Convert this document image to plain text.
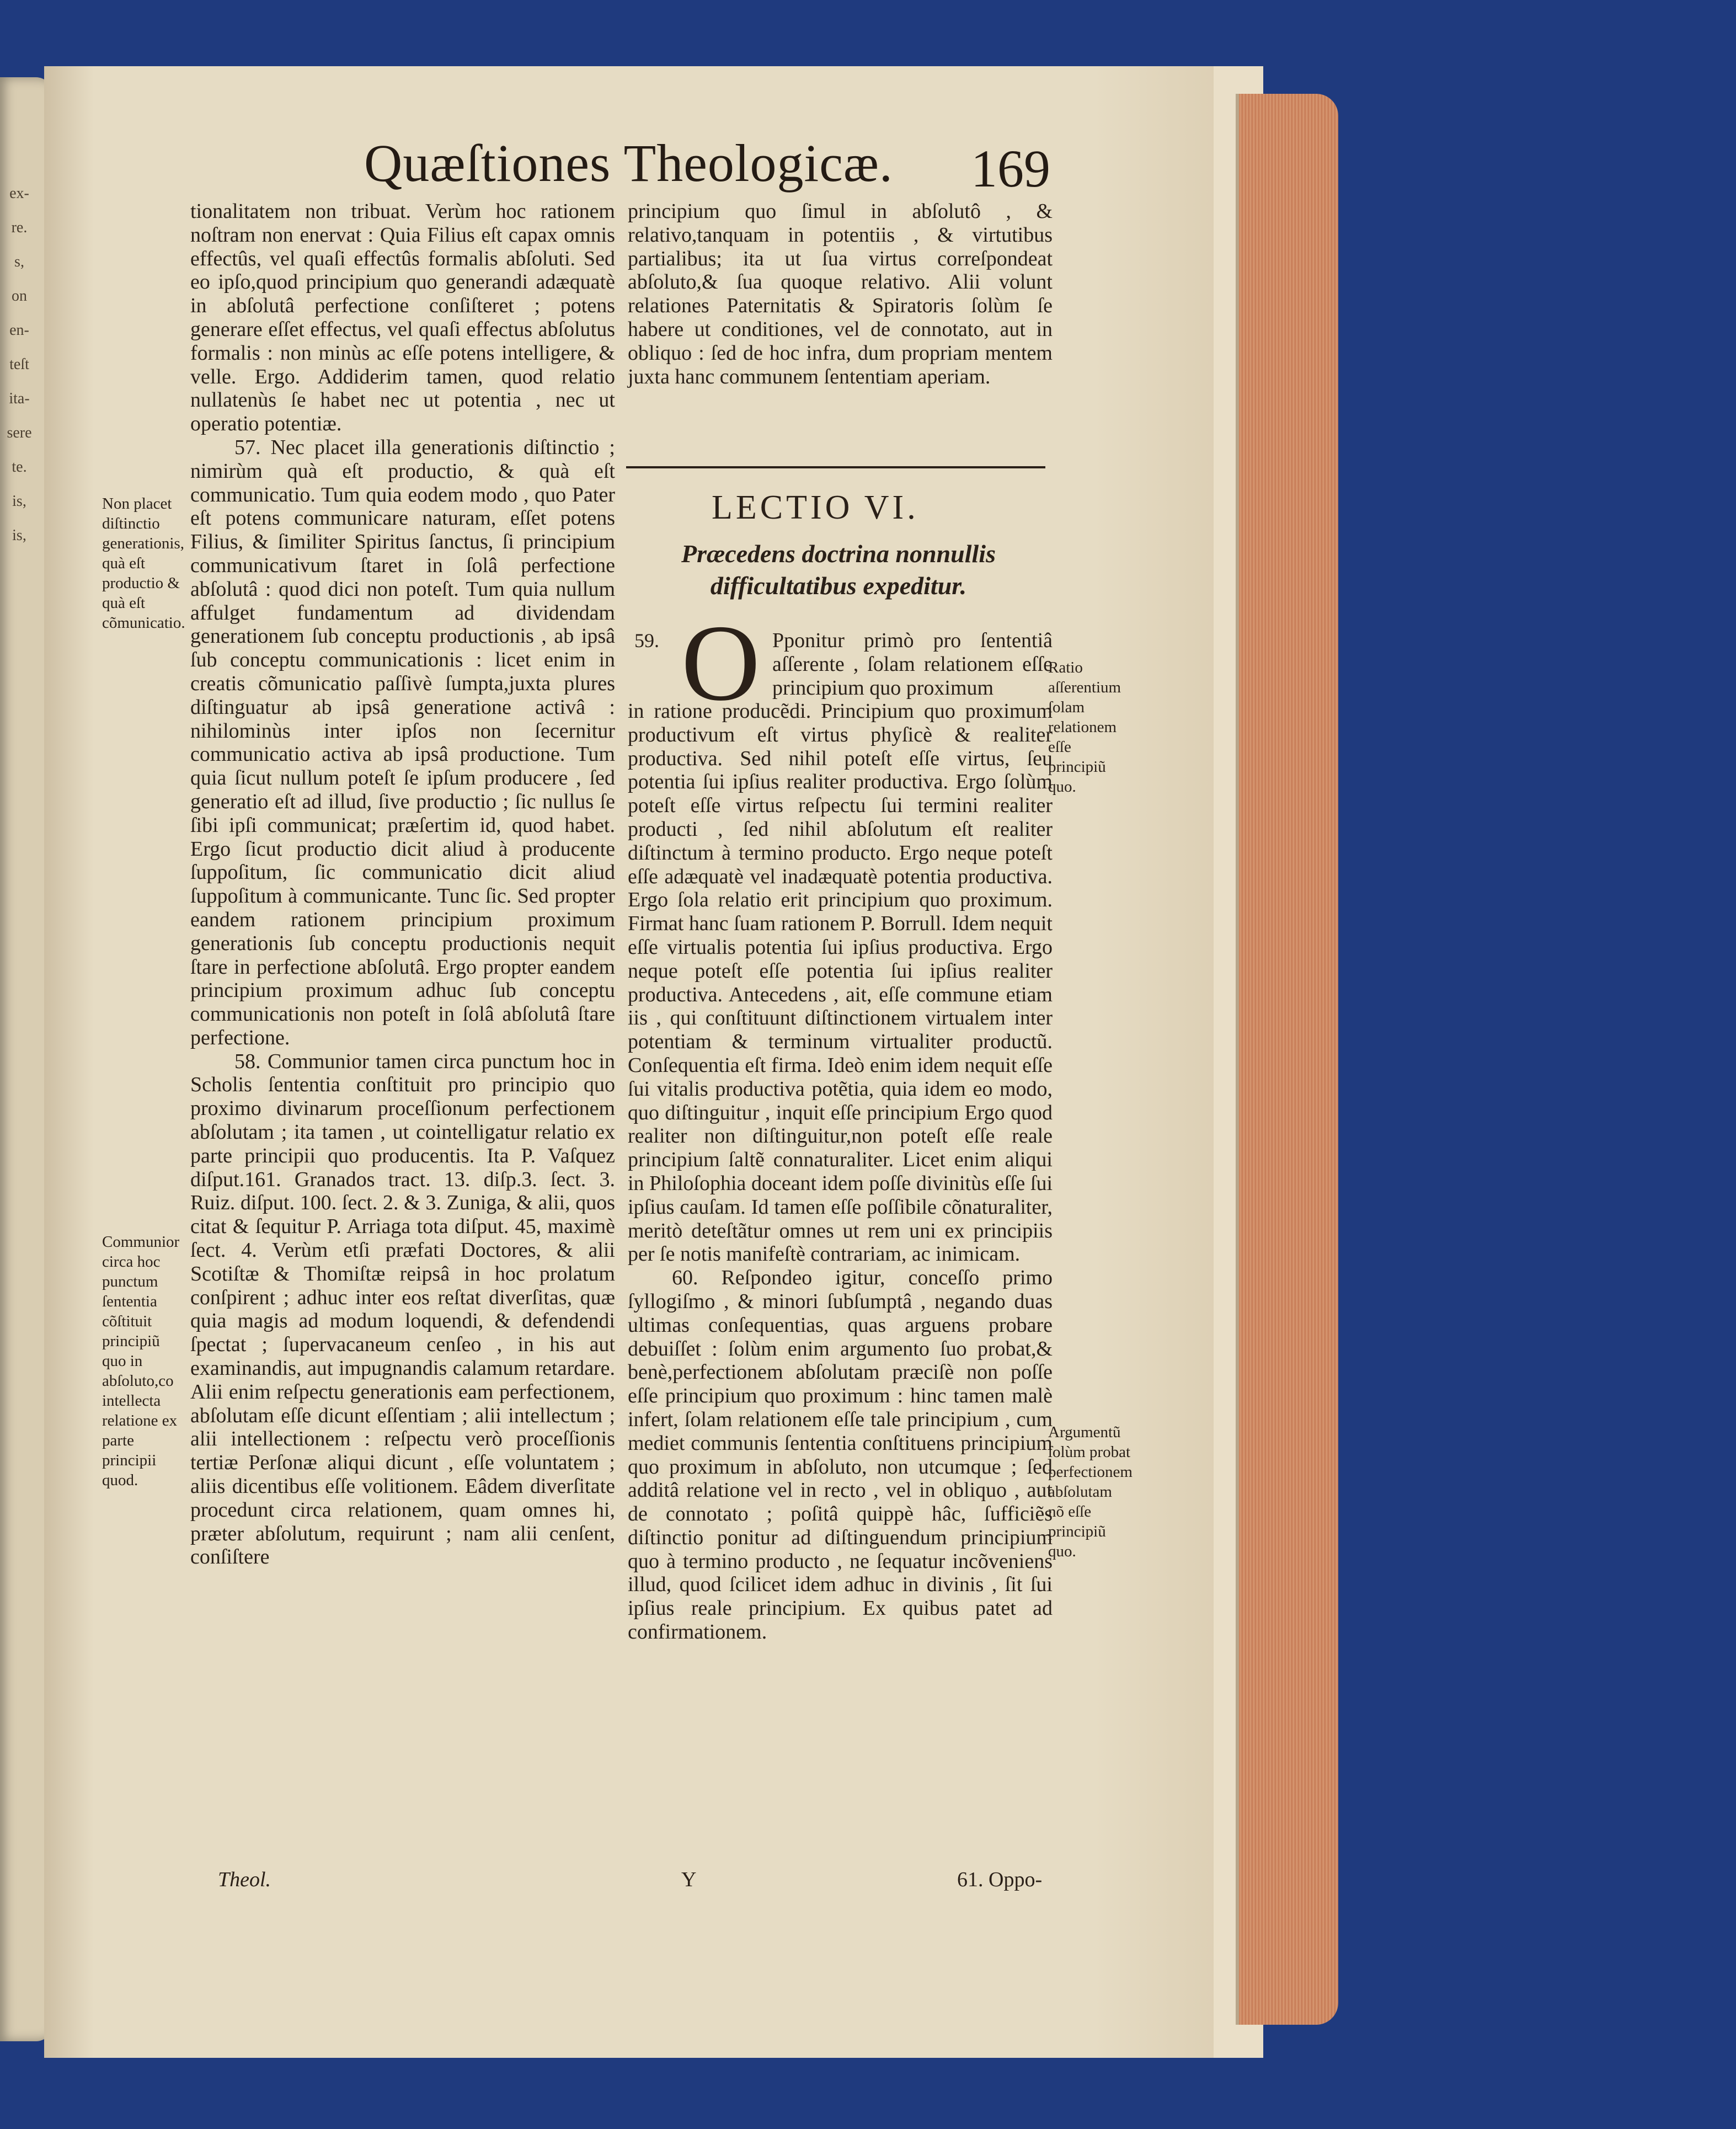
ex-
re.
s,
on
en-
teſt
ita-
sere
te.
is,
is,
Quæſtiones Theologicæ. 169

tionalitatem non tribuat. Verùm hoc rationem noſtram non enervat : Quia Filius eſt capax omnis effectûs, vel quaſi effectûs formalis abſoluti. Sed eo ipſo,quod principium quo generandi adæquatè in abſolutâ perfectione conſiſteret ; potens generare eſſet effectus, vel quaſi effectus abſolutus formalis : non minùs ac eſſe potens intelligere, & velle. Ergo. Addiderim tamen, quod relatio nullatenùs ſe habet nec ut potentia , nec ut operatio potentiæ.

57. Nec placet illa generationis diſtinctio ; nimirùm quà eſt productio, & quà eſt communicatio. Tum quia eodem modo , quo Pater eſt potens communicare naturam, eſſet potens Filius, & ſimiliter Spiritus ſanctus, ſi principium communicativum ſtaret in ſolâ perfectione abſolutâ : quod dici non poteſt. Tum quia nullum affulget fundamentum ad dividendam generationem ſub conceptu productionis , ab ipsâ ſub conceptu communicationis : licet enim in creatis cõmunicatio paſſivè ſumpta,juxta plures diſtinguatur ab ipsâ generatione activâ : nihilominùs inter ipſos non ſecernitur communicatio activa ab ipsâ productione. Tum quia ſicut nullum poteſt ſe ipſum producere , ſed generatio eſt ad illud, ſive productio ; ſic nullus ſe ſibi ipſi communicat; præſertim id, quod habet. Ergo ſicut productio dicit aliud à producente ſuppoſitum, ſic communicatio dicit aliud ſuppoſitum à communicante. Tunc ſic. Sed propter eandem rationem principium proximum generationis ſub conceptu productionis nequit ſtare in perfectione abſolutâ. Ergo propter eandem principium proximum adhuc ſub conceptu communicationis non poteſt in ſolâ abſolutâ ſtare perfectione.

58. Communior tamen circa punctum hoc in Scholis ſententia conſtituit pro principio quo proximo divinarum proceſſionum perfectionem abſolutam ; ita tamen , ut cointelligatur relatio ex parte principii quo producentis. Ita P. Vaſquez diſput.161. Granados tract. 13. diſp.3. ſect. 3. Ruiz. diſput. 100. ſect. 2. & 3. Zuniga, & alii, quos citat & ſequitur P. Arriaga tota diſput. 45, maximè ſect. 4. Verùm etſi præfati Doctores, & alii Scotiſtæ & Thomiſtæ reipsâ in hoc prolatum conſpirent ; adhuc inter eos reſtat diverſitas, quæ quia magis ad modum loquendi, & defendendi ſpectat ; ſupervacaneum cenſeo , in his aut examinandis, aut impugnandis calamum retardare. Alii enim reſpectu generationis eam perfectionem, abſolutam eſſe dicunt eſſentiam ; alii intellectum ; alii intellectionem : reſpectu verò proceſſionis tertiæ Perſonæ aliqui dicunt , eſſe voluntatem ; aliis dicentibus eſſe volitionem. Eâdem diverſitate procedunt circa relationem, quam omnes hi, præter abſolutum, requirunt ; nam alii cenſent, conſiſtere

Non placet diſtinctio generationis, quà eſt productio & quà eſt cõmunicatio.
Communior circa hoc punctum ſententia cõſtituit principiũ quo in abſoluto,co intellecta relatione ex parte principii quod.

principium quo ſimul in abſolutô , & relativo,tanquam in potentiis , & virtutibus partialibus; ita ut ſua virtus correſpondeat abſoluto,& ſua quoque relativo. Alii volunt relationes Paternitatis & Spiratoris ſolùm ſe habere ut conditiones, vel de connotato, aut in obliquo : ſed de hoc infra, dum propriam mentem juxta hanc communem ſententiam aperiam.

LECTIO VI.
Præcedens doctrina nonnullis difficultatibus expeditur.
59. O Pponitur primò pro ſententiâ aſſerente , ſolam relationem eſſe principium quo proximum

in ratione producẽdi. Principium quo proximum productivum eſt virtus phyſicè & realiter productiva. Sed nihil poteſt eſſe virtus, ſeu potentia ſui ipſius realiter productiva. Ergo ſolùm poteſt eſſe virtus reſpectu ſui termini realiter producti , ſed nihil abſolutum eſt realiter diſtinctum à termino producto. Ergo neque poteſt eſſe adæquatè vel inadæquatè potentia productiva. Ergo ſola relatio erit principium quo proximum. Firmat hanc ſuam rationem P. Borrull. Idem nequit eſſe virtualis potentia ſui ipſius productiva. Ergo neque poteſt eſſe potentia ſui ipſius realiter productiva. Antecedens , ait, eſſe commune etiam iis , qui conſtituunt diſtinctionem virtualem inter potentiam & terminum virtualiter productũ. Conſequentia eſt firma. Ideò enim idem nequit eſſe ſui vitalis productiva potẽtia, quia idem eo modo, quo diſtinguitur , inquit eſſe principium Ergo quod realiter non diſtinguitur,non poteſt eſſe reale principium ſaltẽ connaturaliter. Licet enim aliqui in Philoſophia doceant idem poſſe divinitùs eſſe ſui ipſius cauſam. Id tamen eſſe poſſibile cõnaturaliter, meritò deteſtãtur omnes ut rem uni ex principiis per ſe notis manifeſtè contrariam, ac inimicam.

60. Reſpondeo igitur, conceſſo primo ſyllogiſmo , & minori ſubſumptâ , negando duas ultimas conſequentias, quas arguens probare debuiſſet : ſolùm enim argumento ſuo probat,& benè,perfectionem abſolutam præciſè non poſſe eſſe principium quo proximum : hinc tamen malè infert, ſolam relationem eſſe tale principium , cum mediet communis ſententia conſtituens principium quo proximum in abſoluto, non utcumque ; ſed additâ relatione vel in recto , vel in obliquo , aut de connotato ; poſitâ quippè hâc, ſufficiẽs diſtinctio ponitur ad diſtinguendum principium quo à termino producto , ne ſequatur incõveniens illud, quod ſcilicet idem adhuc in divinis , ſit ſui ipſius reale principium. Ex quibus patet ad confirmationem.

Ratio aſſerentium ſolam relationem eſſe principiũ quo.
Argumentũ ſolùm probat perfectionem abſolutam nõ eſſe principiũ quo.
Theol.	Y	61. Oppo-
